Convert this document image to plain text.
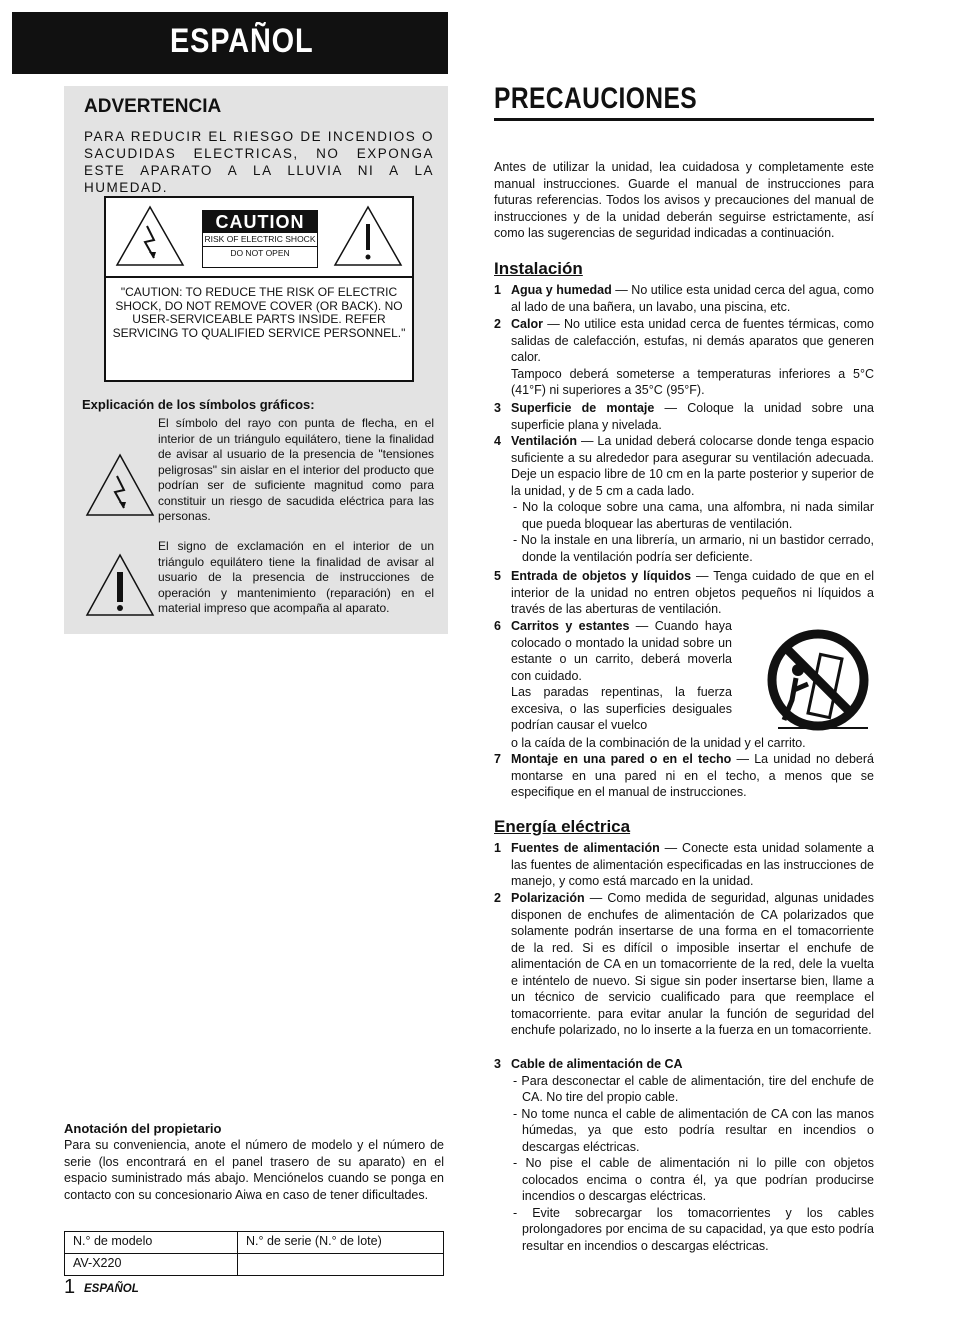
ESPAÑOL
ADVERTENCIA
PARA REDUCIR EL RIESGO DE INCENDIOS O SACUDIDAS ELECTRICAS, NO EXPONGA ESTE APARATO A LA LLUVIA NI A LA HUMEDAD.
CAUTION
RISK OF ELECTRIC SHOCK
DO NOT OPEN
"CAUTION: TO REDUCE THE RISK OF ELECTRIC SHOCK, DO NOT REMOVE COVER (OR BACK). NO USER-SERVICEABLE PARTS INSIDE. REFER SERVICING TO QUALIFIED SERVICE PERSONNEL."
Explicación de los símbolos gráficos:
El símbolo del rayo con punta de flecha, en el interior de un triángulo equilátero, tiene la finalidad de avisar al usuario de la presencia de "tensiones peligrosas" sin aislar en el interior del producto que podrían ser de suficiente magnitud como para constituir un riesgo de sacudida eléctrica para las personas.
El signo de exclamación en el interior de un triángulo equilátero tiene la finalidad de avisar al usuario de la presencia de instrucciones de operación y mantenimiento (reparación) en el material impreso que acompaña al aparato.
Anotación del propietario
Para su conveniencia, anote el número de modelo y el número de serie (los encontrará en el panel trasero de su aparato) en el espacio suministrado más abajo. Menciónelos cuando se ponga en contacto con su concesionario Aiwa en caso de tener dificultades.
N.° de modelo	N.° de serie (N.° de lote)
AV-X220	
1 ESPAÑOL
PRECAUCIONES
Antes de utilizar la unidad, lea cuidadosa y completamente este manual instrucciones. Guarde el manual de instrucciones para futuras referencias. Todos los avisos y precauciones del manual de instrucciones y de la unidad deberán seguirse estrictamente, así como las sugerencias de seguridad indicadas a continuación.
Instalación
1 Agua y humedad — No utilice esta unidad cerca del agua, como al lado de una bañera, un lavabo, una piscina, etc.
2 Calor — No utilice esta unidad cerca de fuentes térmicas, como salidas de calefacción, estufas, ni demás aparatos que generen calor.
Tampoco deberá someterse a temperaturas inferiores a 5°C (41°F) ni superiores a 35°C (95°F).
3 Superficie de montaje — Coloque la unidad sobre una superficie plana y nivelada.
4 Ventilación — La unidad deberá colocarse donde tenga espacio suficiente a su alrededor para asegurar su ventilación adecuada. Deje un espacio libre de 10 cm en la parte posterior y superior de la unidad, y de 5 cm a cada lado.
- No la coloque sobre una cama, una alfombra, ni nada similar que pueda bloquear las aberturas de ventilación.
- No la instale en una librería, un armario, ni un bastidor cerrado, donde la ventilación podría ser deficiente.
5 Entrada de objetos y líquidos — Tenga cuidado de que en el interior de la unidad no entren objetos pequeños ni líquidos a través de las aberturas de ventilación.
6 Carritos y estantes — Cuando haya colocado o montado la unidad sobre un estante o un carrito, deberá moverla con cuidado.
Las paradas repentinas, la fuerza excesiva, o las superficies desiguales podrían causar el vuelco
o la caída de la combinación de la unidad y el carrito.
7 Montaje en una pared o en el techo — La unidad no deberá montarse en una pared ni en el techo, a menos que se especifique en el manual de instrucciones.
Energía eléctrica
1 Fuentes de alimentación — Conecte esta unidad solamente a las fuentes de alimentación especificadas en las instrucciones de manejo, y como está marcado en la unidad.
2 Polarización — Como medida de seguridad, algunas unidades disponen de enchufes de alimentación de CA polarizados que solamente podrán insertarse de una forma en el tomacorriente de la red. Si es difícil o imposible insertar el enchufe de alimentación de CA en un tomacorriente de la red, dele la vuelta e inténtelo de nuevo. Si sigue sin poder insertarse bien, llame a un técnico de servicio cualificado para que reemplace el tomacorriente. para evitar anular la función de seguridad del enchufe polarizado, no lo inserte a la fuerza en un tomacorriente.
3 Cable de alimentación de CA
- Para desconectar el cable de alimentación, tire del enchufe de CA. No tire del propio cable.
- No tome nunca el cable de alimentación de CA con las manos húmedas, ya que esto podría resultar en incendios o descargas eléctricas.
- No pise el cable de alimentación ni lo pille con objetos colocados encima o contra él, ya que podrían producirse incendios o descargas eléctricas.
- Evite sobrecargar los tomacorrientes y los cables prolongadores por encima de su capacidad, ya que esto podría resultar en incendios o descargas eléctricas.
